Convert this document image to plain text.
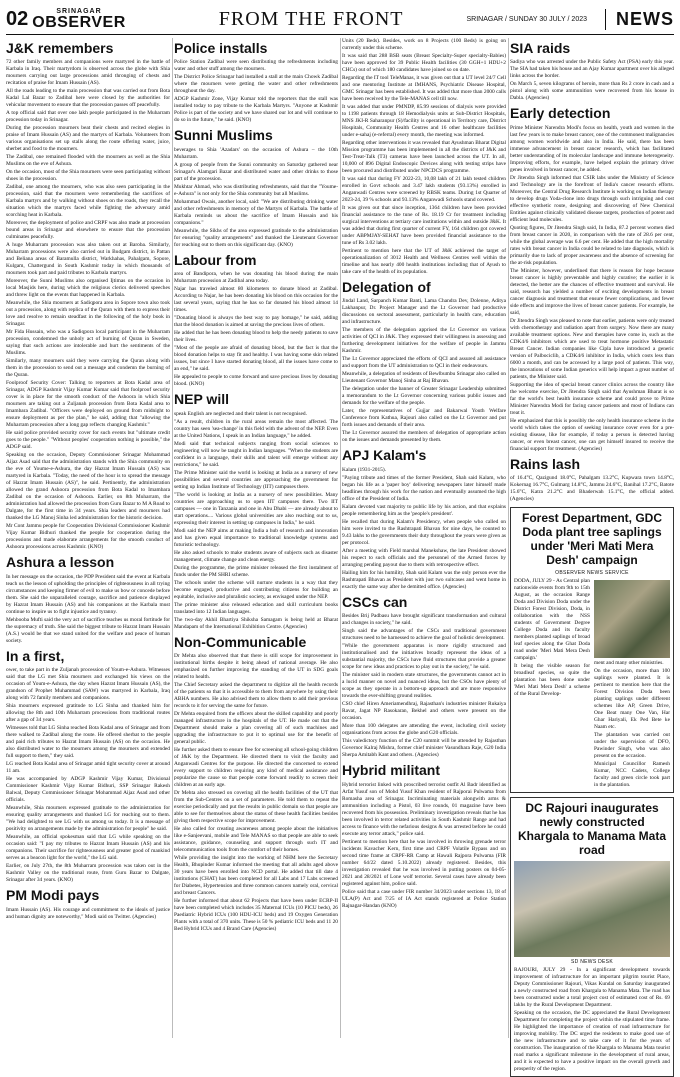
02	SRINAGAR
OBSERVER	FROM THE FRONT	SRINAGAR / SUNDAY 30 JULY / 2023	NEWS
J&K remembers

72 other family members and companions were martyred in the battle of Karbala in Iraq. Their martyrdom is observed across the globe with Shia mourners carrying out large processions amid thronging of chests and recitation of praise for Imam Hussain (AS).

All the roads leading to the main procession that was carried out from Bota Kadal Lal Bazar to Zadibal here were closed by the authorities for vehicular movement to ensure that the procession passes off peacefully.

A top official said that over one lakh people participated in the Muharram procession today in Srinagar.

During the procession mourners beat their chests and recited elegies in praise of Imam Hussain (AS) and the martyrs of Karbala. Volunteers from various organisations set up stalls along the route offering water, juice, sherbet and food to the mourners.

The Zadibal, one remained flooded with the mourners as well as the Shia Muslims on the eve of Ashura.

On the occasion, most of the Shia mourners were seen participating without shoes in the procession.

Zadibal, one among the mourners, who was also seen participating in the procession, said that the mourners were remembering the sacrifices of Karbala martyrs and by walking without shoes on the roads, they recall the situation which the martyrs faced while fighting the adversary amid scorching heat in Karbala.

Moreover, the deployment of police and CRPF was also made at procession bound areas in Srinagar and elsewhere to ensure that the procession culminates peacefully.

A huge Muharram procession was also taken out at Baroba. Similarly, Muharram processions were also carried out in Budgam district, in Pattan and Beliana areas of Baramulla district, Warkhahas, Pahalgam, Sopore, Kulgam, Chattergund in South Kashmir today in which thousands of mourners took part and paid tributes to Karbala martyrs.

Moreover, the Sunni Muslims also organised Ijtimas on the occasion in local Masjids here, during which the religious clerics delivered speeches and threw light on the events that happened in Karbala.

Meanwhile, the Shia mourners at Sadiqpora area in Sopore town also took out a procession, along with replica of the Quran with them to express their love and resolve to remain steadfast in the following of the holy book in Srinagar.

Mr Fida Hussain, who was a Sadiqpora local participant in the Muharram procession, condemned the unholy act of burning of Quran in Sweden, saying that such actions are intolerable and hurt the sentiments of the Muslims.

Similarly, many mourners said they were carrying the Quran along with them in the procession to send out a message and condemn the burning of the Quran.

Foolproof Security Cover: Talking to reporters at Bota Kadal area of Srinagar, ADGP Kashmir Vijay Kumar Kumar said that foolproof security cover is in place for the smooth conduct of the Ashoora in which Shia mourners are taking out a Zuljanah procession from Bota Kadal area to Imambara Zadibal. "Officers were deployed on ground from midnight to ensure deployment as per the plan," he said, adding that "allowing the Muharram procession after a long gap reflects changing Kashmir."

He said police provided security cover for such events but "ultimate credit goes to the people." "Without peoples' cooperation nothing is possible," the ADGP said.

Speaking on the occasion, Deputy Commissioner Srinagar Mohammad Aijaz Asad said that the administration stands with the Shia community on the eve of Youme-e-Ashura, the day Hazrat Imam Hussain (AS) was martyred in Karbala. "Today, the need of the hour is to spread the message of Hazrat Imam Hussain (AS)", he said. Pertinently, the administration allowed the grand Ashoora procession from Bota Kadal to Imambara Zadibal on the occasion of Ashoora. Earlier, on 8th Muharram, the administration had allowed the procession from Guru Bazar to M A Road to Dalgate, for the first time in 34 years. Shia leaders and mourners had thanked the LG Manoj Sinha led administration for the historic decision.

Mr Cont Jammu people for Cooperation Divisional Commissioner Kashmir Vijay Kumar Bidhuri thanked the people for cooperation during the processions and made elaborate arrangements for the smooth conduct of Ashoora processions across Kashmir. (KNO)

Ashura a lesson

In her message on the occasion, the PDP President said the event at Karbala teach us the lesson of upholding the principles of righteousness in all trying circumstances and keeping firmer of evil to make us bow or concede before them. She said the unparalleled courage, sacrifice and patience displayed by Hazrat Imam Hussain (AS) and his companions at the Karbala must continue to inspire us to fight injustice and tyranny.

Mehbooba Mufti said the very act of sacrifice teaches us moral fortitude for the supremacy of truth. She said the biggest tribute to Hazrat Imam Hussain (A.S.) would be that we stand united for the welfare and peace of human society.

In a first,

ower, to take part in the Zuljanah procession of Youm-e-Ashura. Witnesses said that the LG met Shia mourners and exchanged his views on the occasion of Youm-e-Ashura, the day when Hazrat Imam Hussain (AS), the grandson of Prophet Muhammad (SAW) was martyred in Karbala, Iraq along with 72 family members and companions.

Shia mourners expressed gratitude to LG Sinha and thanked him for allowing the 8th and 10th Muharram processions from traditional routes after a gap of 34 years.

Witnesses told that LG Sinha reached Bota Kadal area of Srinagar and from there walked to Zadibal along the route. He offered sherbat to the people and paid rich tributes to Hazrat Imam Hussain (AS) on the occasion. He also distributed water to the mourners among the mourners and extended full support to them," they said.

LG reached Bota Kadal area of Srinagar amid tight security cover at around 11 am.

He was accompanied by ADGP Kashmir Vijay Kumar, Divisional Commissioner Kashmir Vijay Kumar Bidhuri, SSP Srinagar Rakesh Balwal, Deputy Commissioner Srinagar Mohammad Aijaz Asad and other officials.

Meanwhile, Shia mourners expressed gratitude to the administration for ensuring quality arrangements and thanked LG for reaching out to them. "We had delighted to see LG with us among us today. It is a message of positivity on arrangements made by the administration for people" he said.

Meanwhile, an official spokesman said that LG while speaking on the occasion said: "I pay my tributes to Hazrat Imam Hussain (AS) and his companions. Their sacrifice for righteousness and greater good of mankind serves as a beacon light for the world," the LG said.

Earlier, on July 27th, the 8th Muharram procession was taken out in the Kashmir Valley on the traditional route, from Guru Bazar to Dalgate, Srinagar after 34 years. (KNO)

PM Modi pays

Imam Hussain (AS). His courage and commitment to the ideals of justice and human dignity are noteworthy," Modi said on Twitter. (Agencies)

Police installs

Police Station Zadibal were seen distributing the refreshments including water and other stuff among the mourners.

The District Police Srinagar had installed a stall at the main Chowk Zadibal where the mourners were getting the water and other refreshments throughout the day.

ADGP Kashmir Zone, Vijay Kumar told the reporters that the stall was installed today to pay tribute to the Karbala Martyrs. "Anyone at Kashmir Police is part of the society and we have shared our lot and will continue to do so in the future," he said. (KNO)

Sunni Muslims

beverages to Shia 'Azadars' on the occasion of Ashura – the 10th Muharram.

A group of people from the Sunni community on Saturday gathered near Srinagar's Alamgari Bazar and distributed water and other drinks to those part of the procession.

Mukhtar Ahmad, who was distributing refreshments, said that the "Youme-e-Ashura" is not only for the Shia community but all Muslims.

Mohammad Owais, another local, said: "We are distributing drinking water and other refreshments in memory of the Martyrs of Karbala. The battle of Karbala reminds us about the sacrifice of Imam Hussain and his companions."

Meanwhile, the Sikhs of the area expressed gratitude to the administration for ensuring "quality arrangements" and thanked the Lieutenant Governor for reaching out to them on this significant day. (KNO)

Labour from

area of Bandipora, when he was donating his blood during the main Muharram procession at Zadibal area today.

Najar has traveled almost 80 kilometers to donate blood at Zadibal. According to Najar, he has been donating his blood on this occasion for the last several years, saying that he has so far donated his blood almost 14 times.

"Donating blood is always the best way to pay homage," he said, adding that the blood donation is aimed at saving the precious lives of others.

He added that he has been donating blood to help the needy patients to save their lives.

"Most of the people are afraid of donating blood, but the fact is that the blood donation helps to stay fit and healthy. I was having some skin related issues, but since I have started donating blood, all the issues have come to an end," he said.

He appealed to people to come forward and save precious lives by donating blood. (KNO)

NEP will

speak English are neglected and their talent is not recognised.

"As a result, children in the rural areas remain the most affected. The country has seen 'sea-change' in this field with the advent of the NEP. Even at the United Nations, I speak in an Indian language," he added.

Modi said that technical subjects ranging from social sciences to engineering will now be taught in Indian languages. "When the students are confident in a language, their skills and talent will emerge without any restrictions," he said.

The Prime Minister said the world is looking at India as a nursery of new possibilities and several countries are approaching the government for setting up Indian Institute of Technology (IIT) campuses there.

"The world is looking at India as a nursery of new possibilities. Many countries are approaching us to open IIT campuses there. Two IIT campuses — one in Tanzania and one in Abu Dhabi — are already about to start operations.... Various global universities are also reaching out to us, expressing their interest in setting up campuses in India," he said.

Modi said the NEP aims at making India a hub of research and innovation and has given equal importance to traditional knowledge systems and futuristic technology.

He also asked schools to make students aware of subjects such as disaster management, climate change and clean energy.

During the programme, the prime minister released the first instalment of funds under the PM SHRI scheme.

The schools under the scheme will nurture students in a way that they become engaged, productive and contributing citizens for building an equitable, inclusive and pluralistic society, as envisaged under the NEP.

The prime minister also released education and skill curriculum books translated into 12 Indian languages.

The two-day Akhil Bhartiya Shiksha Samagam is being held at Bharat Mandapam of the International Exhibition Centre. (Agencies)

Non-Communicable

Dr Mehta also observed that that there is still scope for improvement in institutional births despite it being ahead of national average. He also emphasized on further improving the standing of the UT in SDG goals related to health.

The Chief Secretary asked the department to digitize all the health records of the patients so that it is accessible to them from anywhere by using their ABHA numbers. He also advised them to allow them to add their previous records to it for serving the same for future.

Dr Mehta enquired from the officers about the skilled capability and poorly managed infrastructure in the hospitals of the UT. He made out that the Department should make a plan covering all of such machines and upgrading the infrastructure to put it to optimal use for the benefit of general public.

He further asked them to ensure free for screening all school-going children of J&K by the Department. He directed them to visit the faculty and Anganwadi Centres for the purpose. He directed the concerned to extend every support to children requiring any kind of medical assistance and popularize the cause so that people come forward readily to screen their children at an early age.

Dr Mehta also stressed on covering all the health facilities of the UT that from the Sub-Centres on a set of parameters. He told them to repeat the exercise periodically and put the results in public domain so that people are able to see for themselves about the status of these health facilities besides giving them respective scope for improvement.

He also called for creating awareness among people about the initiatives like e-Sanjeevani, mobile and Tele MANAS so that people are able to seek assistance, guidance, counseling and support through such IT and telecommunication tools from the comfort of their homes.

While providing the insight into the working of NHM here the Secretary Health, Bhupinder Kumar informed the meeting that all adults aged above 30 years have been enrolled into NCD portal. He added that till date 4 institutions (CHAT) has been completed for all Labs and 17 Labs screened for Diabetes, Hypertension and three common cancers namely oral, cervical and breast Cancers.

He further informed that about 62 Projects that have been under ECRP-II have been completed which includes 35 Maternal ICUs (10 PICU beds), 26 Paediatric Hybrid ICUs (100 HDU-ICU beds) and 19 Oxygen Generation Plants with a total of 370 units. These is 50 % pediatric ICU beds and 11 20 Bed Hybrid ICUs and 4 Brand Care (Agencies)

Units (20 Beds). Besides, work on 8 Projects (100 Beds) is going on currently under this scheme.

It was said that 288 BSB seats (Breast Specialty-Super specialty-Babies) have been approved for 39 Public Health facilities (30 GGH+1 HDU+2 CHCs) out of which 180 candidates have joined so on date.

Regarding the IT tool TeleManas, it was given out that a UT level 24/7 Cell and one mentoring Institute at IMHANS, Psychiatric Disease Hospital, GMC Srinagar has been established. It was added that more than 2000 calls have been received by the Tele-MANAS cell till now.

It was added that under PMNDP, 85.99 sessions of dialysis were provided to 1198 patients through 18 Hemodialysis units at Sub-District Hospitals, MNS JKI-R Saharanpur (S)/facility is operational in Territory care, District Hospitals, Community Health Centres and 16 other healthcare facilities under e-sahaj (e-referral) every month, the meeting was informed.

Regarding other interventions it was revealed that Ayushman Bharat Digital Mission programme has been implemented in all the districts of J&K and Test-Treat-Talk (T3) cameras have been launched across the UT. In all, 10,000 of 896 Digital Endoscopic Devices along with testing strips have been procured and distributed under NPCDCS programme.

It was said that during FY 2022-23, 10,08 lakh of 21 lakh tested children enrolled in Govt schools and 3.47 lakh students (93.13%) enrolled in Anganwadi Centres were screened by RBSK teams. During 1st Quarter of 2023-24, 39 % schools and 93.13% Anganwadi Schools stand covered.

It was given out that since inception, 1364 children have been provided financial assistance to the tune of Rs. 18.19 Cr for treatment including surgical interventions at tertiary care institutions within and outside J&K. It was added that during first quarter of current FY, 164 children got covered under ABPMJAY-SEHAT have been provided financial assistance to the tune of Rs 3.02 lakh.

Pertinent to mention here that the UT of J&K achieved the target of operationalization of 3012 Health and Wellness Centres well within the timeline and has nearly 400 health institutions including that of Ayush to take care of the health of its population.

Delegation of

Jindal Land, Sarpanch Kumar Banti, Lama Chandra Dev, Dolenne, Aditya Lakhanpur, Dr. Project Manager and the Lt Governor had productive discussions on sectoral assessment, particularly in health care, education and infrastructure.

The members of the delegation apprised the Lt Governor on various activities of QCI in J&K. They expressed their willingness in assessing and furthering development initiatives for the welfare of people in Jammu Kashmir.

The Lt Governor appreciated the efforts of QCI and assured all assistance and support from the UT administration to QCI in their endeavours.

Meanwhile, a delegation of residents of Bewlbumbu Srinagar also called on Lieutenant Governor Manoj Sinha at Raj Bhavan.

The delegation under the banner of Greater Srinagar Leadership submitted a memorandum to the Lt Governor concerning various public issues and demands for the welfare of the people.

Later, the representatives of Gujjar and Bakarwal Youth Welfare Conference from Kathua, Rajouri also called on the Lt Governor and put forth issues and demands of their area.

The Lt Governor assured the members of delegation of appropriate action on the issues and demands presented by them.

APJ Kalam's

Kalam (1931-2015).

"Paying tribute and times of the former President, Shah said Kalam, who began his life as a 'paper boy' delivering newspapers later himself made headlines through his work for the nation and eventually assumed the high office of the President of India.

Kalam devoted vast majority to public life by his action, and that explains people remembering him as the 'people's president'.

He recalled that during Kalam's Presidency, when people who called on him were invited to the Rashtrapati Bhavan for nine days, he counted to 9.43 lakhs to the governments their duty throughout the years were given as per protocol.

After a meeting with Field marshal Manekshaw, the late President showed his respect to such officials and the personnel of the Armed forces by arranging pending payout due to them with retrospective effect.

Hailing him for his humility, Shah said Kalam was the only person ever the Rashtrapati Bhavan as President with just two suitcases and went home in exactly the same way after he demitted office. (Agencies)

CSCs can

Besides Brij Padbasu have brought significant transformation and cultural and changes in society," he said.

Singh said the advantages of the CSCs and traditional government structures need to be harnessed to achieve the goal of holistic development.

"While the government apparatus is more rigidly structured and institutionalised and the initiatives broadly represent the ideas of a substantial majority, the CSCs have fluid structures that provide a greater scope for new ideas and practices to play out in the society," he said.

The minister said in modern state structures, the governments cannot act in a lucid manner on novel and nuanced ideas, but the CSOs have plenty of scope as they operate in a bottom-up approach and are more responsive towards the ever-shifting ground realities.

CSO chief Hiren Ameriamendhraj, Rajasthan's industries minister Rukaiya Ravat, Jagat NP Rasokaran, Bekhel and others were present on the occasion.

More than 100 delegates are attending the event, including civil society organisations from across the globe and G20 officials.

This valedictory function of the C20 summit will be attended by Rajasthan Governor Kalraj Mishra, former chief minister Vasundhara Raje, G20 India Sherpa Amitabh Kant and others. (Agencies)

Hybrid militant

Hybrid terrorist linked with proscribed terrorist outfit Al Badr identified as Arfat Yusuf son of Mohd Yusuf Khan resident of Rajporai Pulwama from Romasha area of Srinagar. Incriminating materials alongwith arms & ammunition including a Pistol, 03 live rounds, 01 magazine have been recovered from his possession. Preliminary investigation reveals that he has been involved in terror related activities in South Kashmir Range and had access to finance with the nefarious designs & was arrested before he could execute any terror attack," police said.

Pertinent to mention here that he was involved in throwing grenade terror incidents Kavacher Kern, first time and CRPF Volatile Bypass and on second time frame at CRPF-RR Camp at Hawali Rajpora Pulwama (FIR number 64/22 dated 5.10.2022) already registered. Besides, this investigation revealed that he was involved in putting posters on 04-05-2021 and 28/2021 of Lone wolf terrorist. Several cases have already been registered against him, police said.

Police said that a case under FIR number 34/2023 under sections 13, 18 of ULA(P) Act and 7/25 of IA Act stands registered at Police Station Rajnagar-Handan (KNO)

SIA raids

Sadiya who was arrested under the Public Safety Act (PSA) early this year. The SIA had taken his house and an Ajay Kumar apartment over his alleged links across the border.

On March 5, seven kilograms of heroin, more than Rs 2 crore in cash and a pistol along with some ammunition were recovered from his house in Dabla. (Agencies)

Early detection

Prime Minister Narendra Modi's focus on health, youth and women in the last few years is to make breast cancer, one of the commonest malignancies among women worldwide and also in India. He said, there has been immense advancement in breast cancer research, which has facilitated better understanding of its molecular landscape and immune heterogeneity. Improving efforts, for example, have helped explain the primary driver genes involved in breast cancer, he added.

Dr Jitendra Singh informed that CSIR labs under the Ministry of Science and Technology are in the forefront of India's cancer research efforts. Moreover, the Central Drug Research Institute is working on Indian therapy to develop drugs Yoda-clone into drugs through such intriguing and cost effective synthetic route, designing and discovering of New Chemical Entities against clinically validated disease targets, production of potent and efficient lead molecules.

Quoting figures, Dr Jitendra Singh said, In India, 87.2 percent women died from breast cancer in 2020, in comparison with the rate of 28.6 per cent, while the global average was 6.6 per cent. He added that the high mortality rates with breast cancer in India could be related to late diagnosis, which is primarily due to lack of proper awareness and the absence of screening for the at-risk population.

The Minister, however, underlined that there is reason for hope because breast cancer is highly preventable and highly curative; the earlier it is detected, the better are the chances of effective treatment and survival. He said, research has yielded a number of exciting developments in breast cancer diagnosis and treatment that ensure fewer complications, and fewer side effects and improve the lives of breast cancer patients. For example, he said,

Dr Jitendra Singh was pleased to note that earlier, patients were only treated with chemotherapy and radiation apart from surgery. Now there are many available treatment options. New and therapies have come in, such as the CDK4/6 inhibitors which are used to treat hormone positive Metastatic Breast Cancer. Indian companies like Cipla have introduced a generic version of Palbociclib, a CDK4/6 inhibitor in India, which costs less than 6000 a month, and can be accessed by a large pool of patients. This way, the innovations of some Indian generics will help impact a great number of patients, the Minister said.

Supporting the idea of special breast cancer clinics across the country like the welcome exercise, Dr Jitendra Singh said that Ayushman Bharat is so far the world's best health insurance scheme and could prove to Prime Minister Narendra Modi for facing cancer patients and most of Indians can treat it.

He emphasized that this is possibly the only health insurance scheme in the world which takes the option of seeking insurance cover even for a pre-existing disease, like for example, if today a person is detected having cancer, or even breast cancer, one can get himself insured to receive the financial support for treatment. (Agencies)

Rains lash

of 16.4°C, Qazigund 18.0°C, Pahalgam 13.2°C, Kupwara town 14.8°C, Kokernag 16.7°C, Gulmarg 14.8°C, Jammu 24.6°C, Banihal 17.2°C, Batote 15.6°C, Katra 21.2°C and Bhaderwah 15.1°C, the official added. (Agencies)

Forest Department, GDC Doda plant tree saplings under 'Meri Mati Mera Desh' campaign
OBSERVER NEWS SERVICE

DODA, JULY 29 - As Central plan nationwide events from 9th to 15th August, as the occasion Range Doda and Division Doda under the District Forest Division, Doda, in collaboration with the NSS students of Government Degree College Doda and its faculty members planted saplings of broad leaf species along the Ghat Doda road under 'Meri Mati Mera Desh campaign.'

It being the visible season for broadleaf species, so quite the plantation has been done under 'Meri Mati Mera Desh' a scheme of the Rural Develop-

ment and many other ministries.

On the occasion, more than 100 saplings were planted. It is pertinent to mention here that the Forest Division Doda been planting saplings under different schemes like AP, Green Drive, One Beat many One Van, Har Ghar Hariyali, Ek Ped Bete ke Naam etc.

The plantation was carried out under the supervision of DFO, Pawinder Singh, who was also present on the occasion.

Municipal Councillor Ramesh Kumar, NCC Cadets, College faculty and green circle took part in the plantation.

DC Rajouri inaugurates newly constructed Khargala to Manama Mata road
SD NEWS DESK

RAJOURI, JULY 29 - In a significant development towards improvement of infrastructure for an important pilgrim tourist Place, Deputy Commissioner Rajouri, Vikas Kundal on Saturday inaugurated a newly constructed road from Khargala to Manama Mata. The road has been constructed under a total project cost of estimated cost of Rs. 69 lakhs by the Rural Development Department.

Speaking on the occasion, the DC appreciated the Rural Development Department for completing the project within the stipulated time frame. He highlighted the importance of creation of road infrastructure for improving mobility. The DC urged the residents to make good use of the new infrastructure and to take care of it for the years of construction. The inauguration of the Khargala to Manama Mata tourist road marks a significant milestone in the development of rural areas, and it is expected to have a positive impact on the overall growth and prosperity of the region.
